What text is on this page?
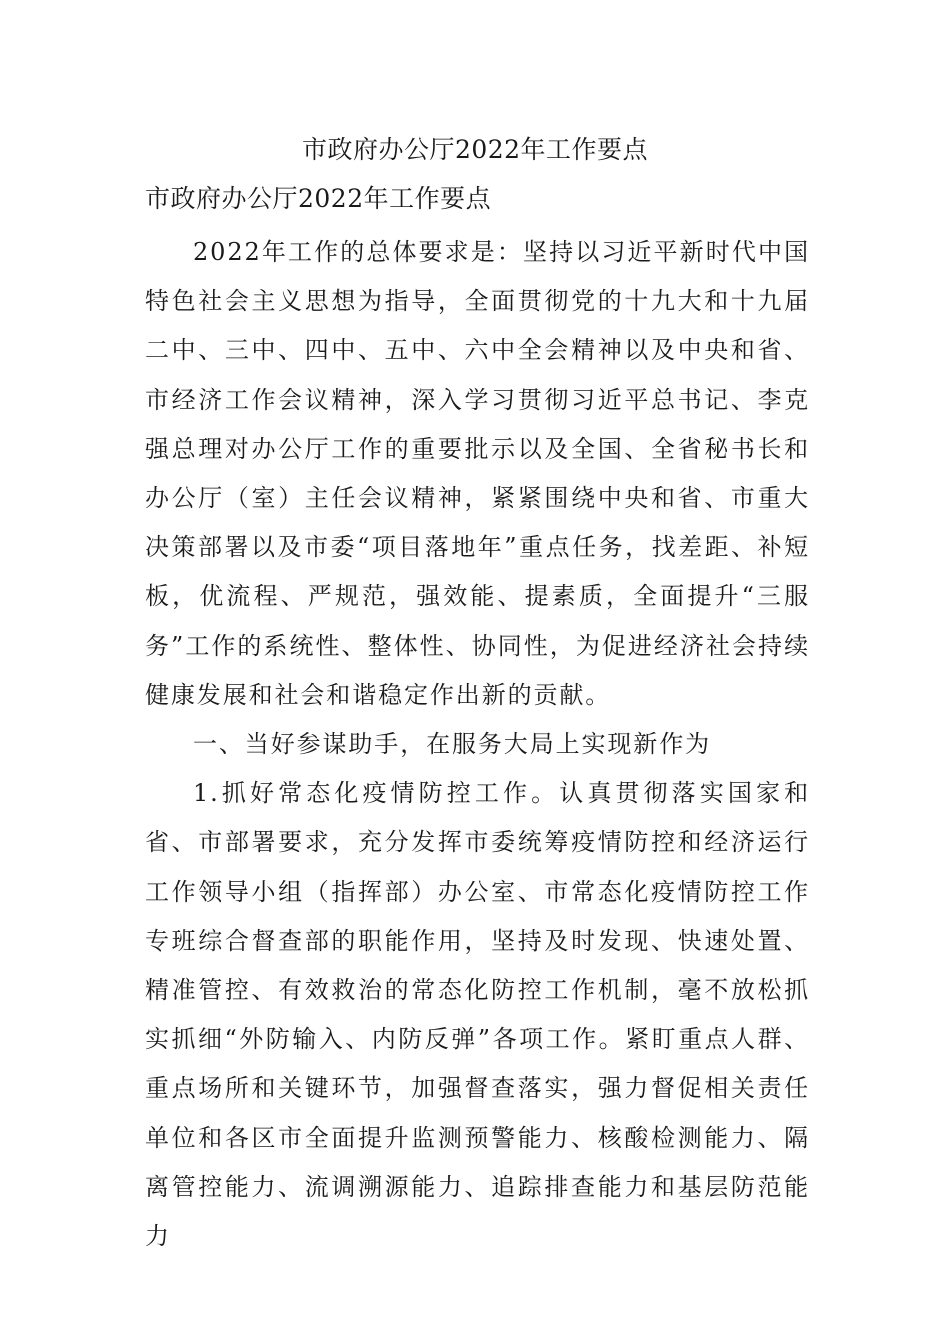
市政府办公厅2022年工作要点
市政府办公厅2022年工作要点

2022年工作的总体要求是：坚持以习近平新时代中国特色社会主义思想为指导，全面贯彻党的十九大和十九届二中、三中、四中、五中、六中全会精神以及中央和省、市经济工作会议精神，深入学习贯彻习近平总书记、李克强总理对办公厅工作的重要批示以及全国、全省秘书长和办公厅（室）主任会议精神，紧紧围绕中央和省、市重大决策部署以及市委“项目落地年”重点任务，找差距、补短板，优流程、严规范，强效能、提素质，全面提升“三服务”工作的系统性、整体性、协同性，为促进经济社会持续健康发展和社会和谐稳定作出新的贡献。

一、当好参谋助手，在服务大局上实现新作为

1.抓好常态化疫情防控工作。认真贯彻落实国家和省、市部署要求，充分发挥市委统筹疫情防控和经济运行工作领导小组（指挥部）办公室、市常态化疫情防控工作专班综合督查部的职能作用，坚持及时发现、快速处置、精准管控、有效救治的常态化防控工作机制，毫不放松抓实抓细“外防输入、内防反弹”各项工作。紧盯重点人群、重点场所和关键环节，加强督查落实，强力督促相关责任单位和各区市全面提升监测预警能力、核酸检测能力、隔离管控能力、流调溯源能力、追踪排查能力和基层防范能力
